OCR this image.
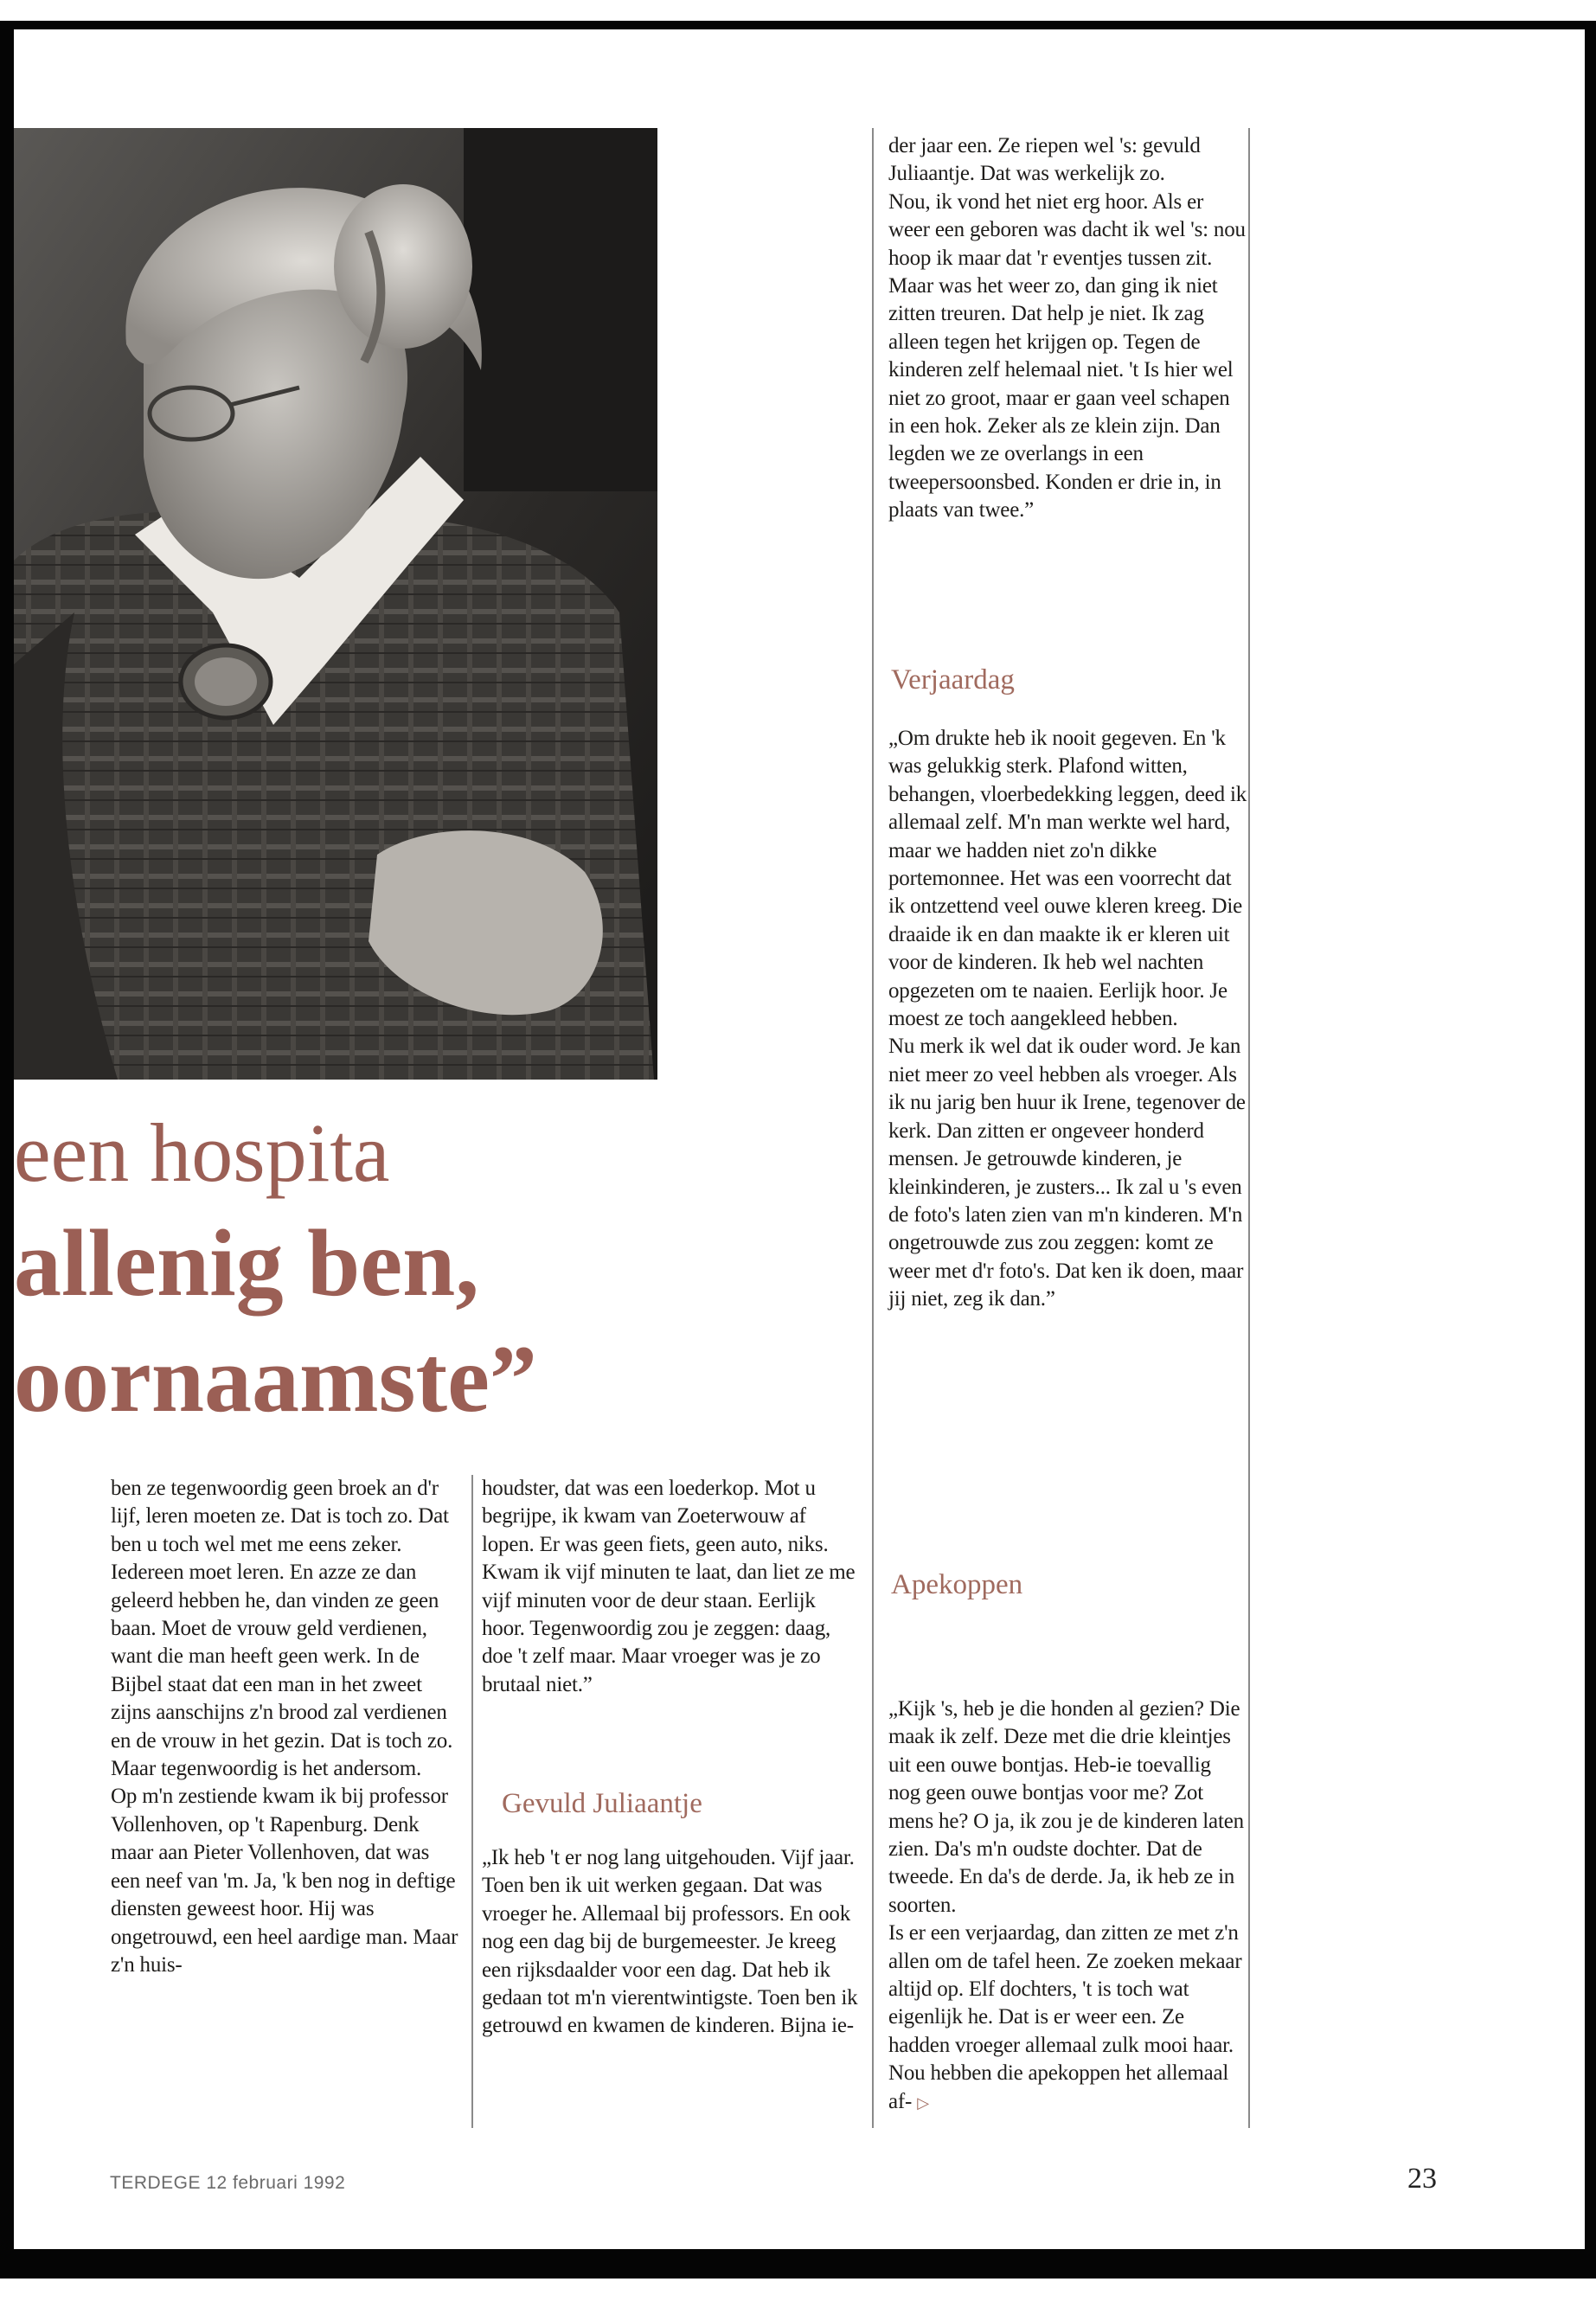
een hospita
allenig ben,
oornaamste”

ben ze tegenwoordig geen broek an d'r lijf, leren moeten ze. Dat is toch zo. Dat ben u toch wel met me eens zeker. Iedereen moet leren. En azze ze dan geleerd hebben he, dan vinden ze geen baan. Moet de vrouw geld verdienen, want die man heeft geen werk. In de Bijbel staat dat een man in het zweet zijns aanschijns z'n brood zal verdienen en de vrouw in het gezin. Dat is toch zo. Maar tegenwoordig is het andersom.

Op m'n zestiende kwam ik bij professor Vollenhoven, op 't Rapenburg. Denk maar aan Pieter Vollenhoven, dat was een neef van 'm. Ja, 'k ben nog in deftige diensten geweest hoor. Hij was ongetrouwd, een heel aardige man. Maar z'n huis-

houdster, dat was een loederkop. Mot u begrijpe, ik kwam van Zoeterwouw af lopen. Er was geen fiets, geen auto, niks. Kwam ik vijf minuten te laat, dan liet ze me vijf minuten voor de deur staan. Eerlijk hoor. Tegenwoordig zou je zeggen: daag, doe 't zelf maar. Maar vroeger was je zo brutaal niet.”

Gevuld Juliaantje

„Ik heb 't er nog lang uitgehouden. Vijf jaar. Toen ben ik uit werken gegaan. Dat was vroeger he. Allemaal bij professors. En ook nog een dag bij de burgemeester. Je kreeg een rijksdaalder voor een dag. Dat heb ik gedaan tot m'n vierentwintigste. Toen ben ik getrouwd en kwamen de kinderen. Bijna ie-

der jaar een. Ze riepen wel 's: gevuld Juliaantje. Dat was werkelijk zo.

Nou, ik vond het niet erg hoor. Als er weer een geboren was dacht ik wel 's: nou hoop ik maar dat 'r eventjes tussen zit. Maar was het weer zo, dan ging ik niet zitten treuren. Dat help je niet. Ik zag alleen tegen het krijgen op. Tegen de kinderen zelf helemaal niet. 't Is hier wel niet zo groot, maar er gaan veel schapen in een hok. Zeker als ze klein zijn. Dan legden we ze overlangs in een tweepersoonsbed. Konden er drie in, in plaats van twee.”

Verjaardag

„Om drukte heb ik nooit gegeven. En 'k was gelukkig sterk. Plafond witten, behangen, vloerbedekking leggen, deed ik allemaal zelf. M'n man werkte wel hard, maar we hadden niet zo'n dikke portemonnee. Het was een voorrecht dat ik ontzettend veel ouwe kleren kreeg. Die draaide ik en dan maakte ik er kleren uit voor de kinderen. Ik heb wel nachten opgezeten om te naaien. Eerlijk hoor. Je moest ze toch aangekleed hebben.

Nu merk ik wel dat ik ouder word. Je kan niet meer zo veel hebben als vroeger. Als ik nu jarig ben huur ik Irene, tegenover de kerk. Dan zitten er ongeveer honderd mensen. Je getrouwde kinderen, je kleinkinderen, je zusters... Ik zal u 's even de foto's laten zien van m'n kinderen. M'n ongetrouwde zus zou zeggen: komt ze weer met d'r foto's. Dat ken ik doen, maar jij niet, zeg ik dan.”

Apekoppen

„Kijk 's, heb je die honden al gezien? Die maak ik zelf. Deze met die drie kleintjes uit een ouwe bontjas. Heb-ie toevallig nog geen ouwe bontjas voor me? Zot mens he? O ja, ik zou je de kinderen laten zien. Da's m'n oudste dochter. Dat de tweede. En da's de derde. Ja, ik heb ze in soorten.

Is er een verjaardag, dan zitten ze met z'n allen om de tafel heen. Ze zoeken mekaar altijd op. Elf dochters, 't is toch wat eigenlijk he. Dat is er weer een. Ze hadden vroeger allemaal zulk mooi haar. Nou hebben die apekoppen het allemaal af- ▷

TERDEGE 12 februari 1992	23
